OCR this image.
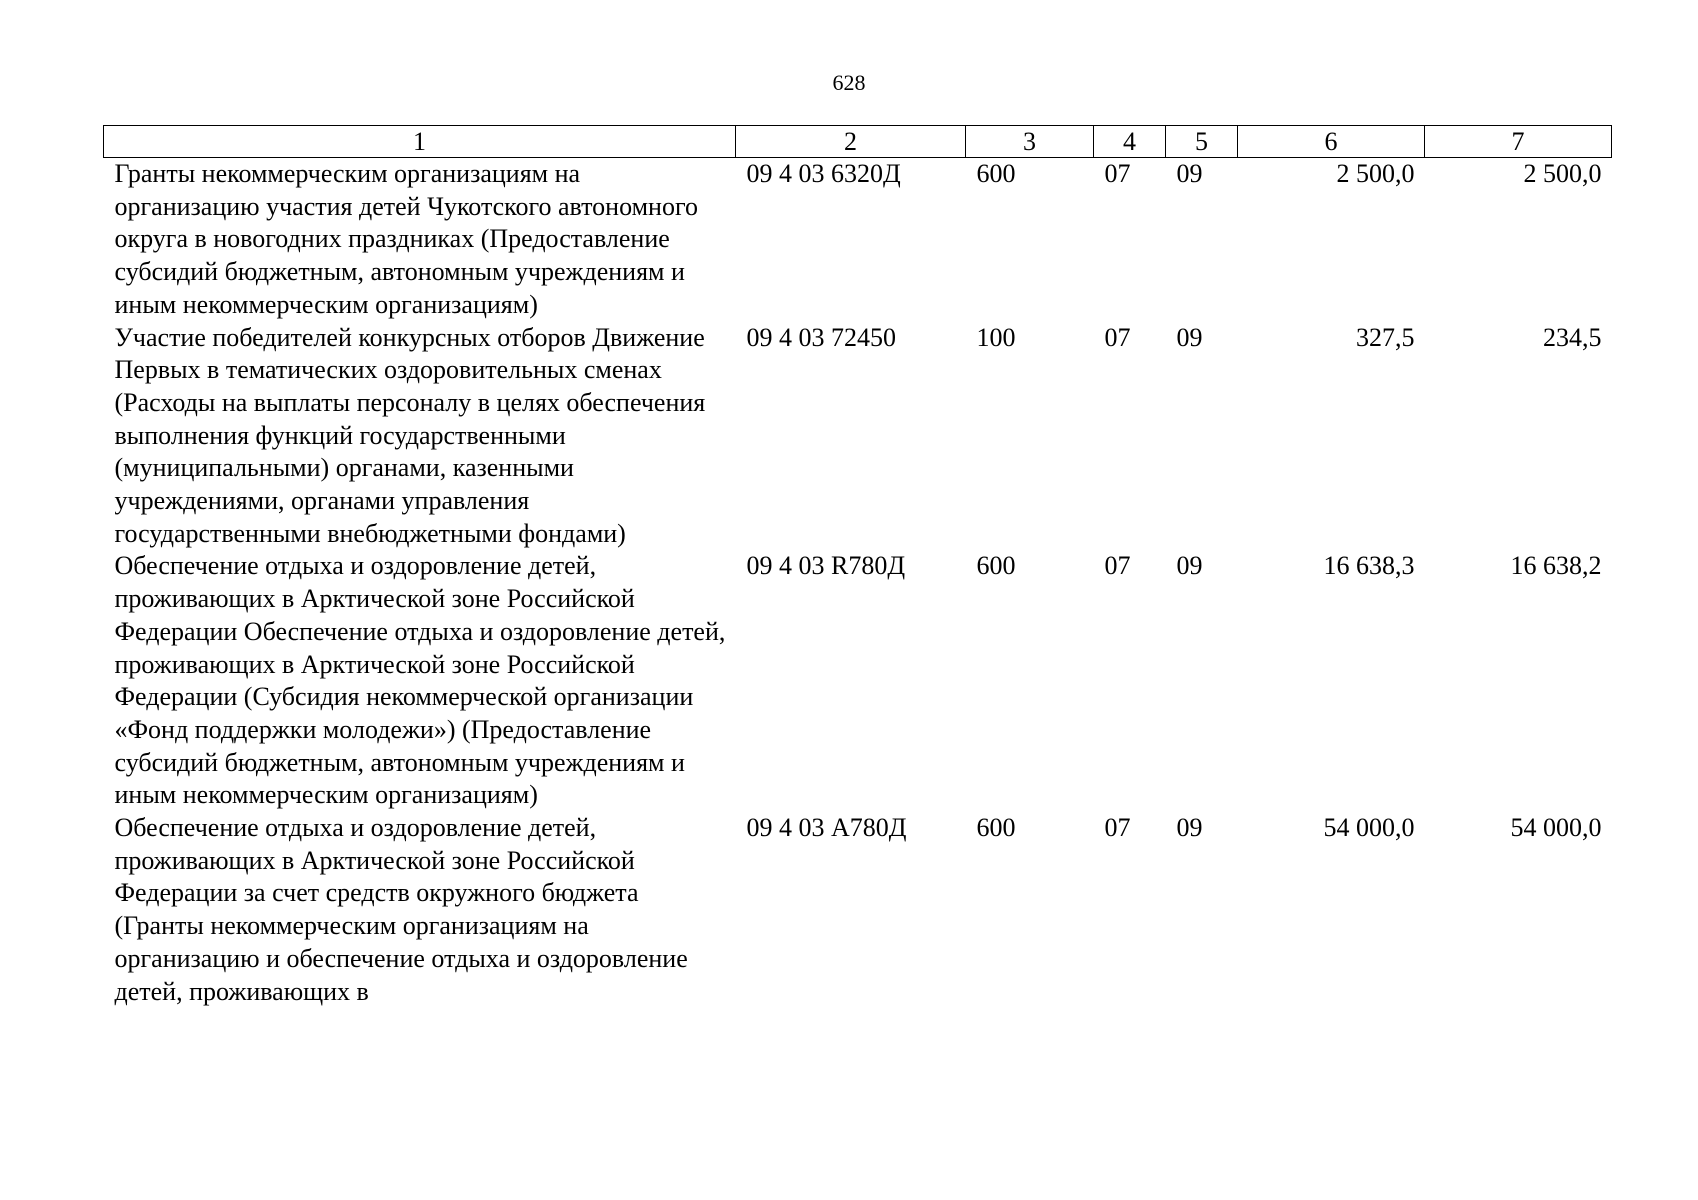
628
1	2	3	4	5	6	7
Гранты некоммерческим организациям на организацию участия детей Чукотского автономного округа в новогодних праздниках (Предоставление субсидий бюджетным, автономным учреждениям и иным некоммерческим организациям)	09 4 03 6320Д	600	07	09	2 500,0	2 500,0
Участие победителей конкурсных отборов Движение Первых в тематических оздоровительных сменах (Расходы на выплаты персоналу в целях обеспечения выполнения функций государственными (муниципальными) органами, казенными учреждениями, органами управления государственными внебюджетными фондами)	09 4 03 72450	100	07	09	327,5	234,5
Обеспечение отдыха и оздоровление детей, проживающих в Арктической зоне Российской Федерации Обеспечение отдыха и оздоровление детей, проживающих в Арктической зоне Российской Федерации (Субсидия некоммерческой организации «Фонд поддержки молодежи») (Предоставление субсидий бюджетным, автономным учреждениям и иным некоммерческим организациям)	09 4 03 R780Д	600	07	09	16 638,3	16 638,2
Обеспечение отдыха и оздоровление детей, проживающих в Арктической зоне Российской Федерации за счет средств окружного бюджета (Гранты некоммерческим организациям на организацию и обеспечение отдыха и оздоровление детей, проживающих в	09 4 03 А780Д	600	07	09	54 000,0	54 000,0
